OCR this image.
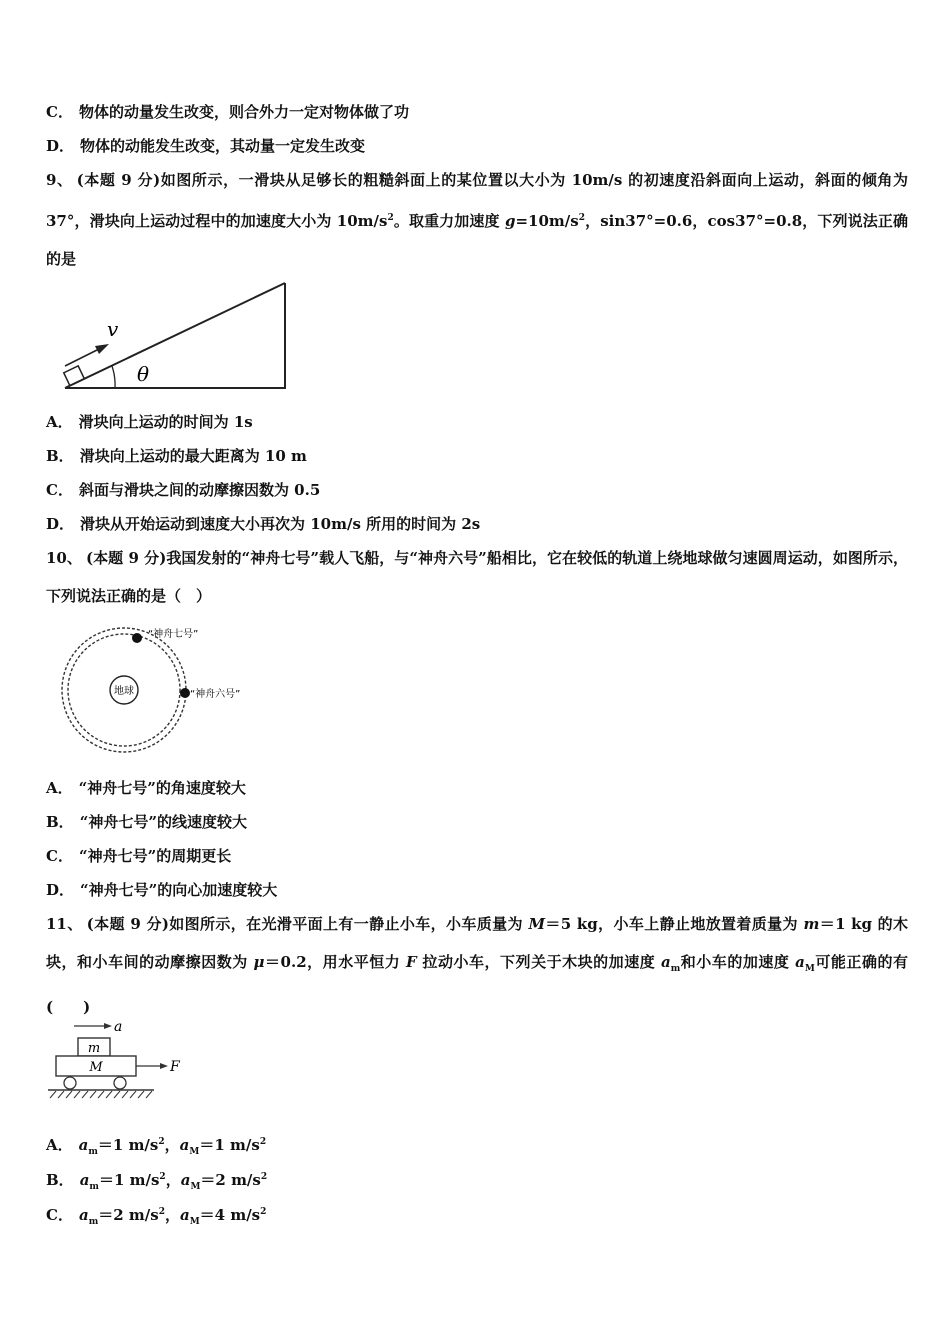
C． 物体的动量发生改变，则合外力一定对物体做了功
D． 物体的动能发生改变，其动量一定发生改变
9、 (本题 9 分)如图所示，一滑块从足够长的粗糙斜面上的某位置以大小为 10m/s 的初速度沿斜面向上运动，斜面的倾角为 37°，滑块向上运动过程中的加速度大小为 $10m/s^2$。取重力加速度 $g=10m/s^2$，sin37°=0.6，cos37°=0.8，下列说法正确的是
v
θ
A． 滑块向上运动的时间为 1s
B． 滑块向上运动的最大距离为 10 m
C． 斜面与滑块之间的动摩擦因数为 0.5
D． 滑块从开始运动到速度大小再次为 10m/s 所用的时间为 2s
10、 (本题 9 分)我国发射的“神舟七号”载人飞船，与“神舟六号”船相比，它在较低的轨道上绕地球做匀速圆周运动，如图所示，下列说法正确的是（　）
地球
“神舟七号”
“神舟六号”
A． “神舟七号”的角速度较大
B． “神舟七号”的线速度较大
C． “神舟七号”的周期更长
D． “神舟七号”的向心加速度较大
11、 (本题 9 分)如图所示，在光滑平面上有一静止小车，小车质量为 M＝5 kg，小车上静止地放置着质量为 m＝1 kg 的木块，和小车间的动摩擦因数为 μ＝0.2，用水平恒力 F 拉动小车，下列关于木块的加速度 $a_m$和小车的加速度 $a_M$可能正确的有(　　)
a
m
M	F
A． $a_m=1$ $m/s^2$，$a_M=1$ $m/s^2$
B． $a_m=1$ $m/s^2$，$a_M=2$ $m/s^2$
C． $a_m=2$ $m/s^2$，$a_M=4$ $m/s^2$
